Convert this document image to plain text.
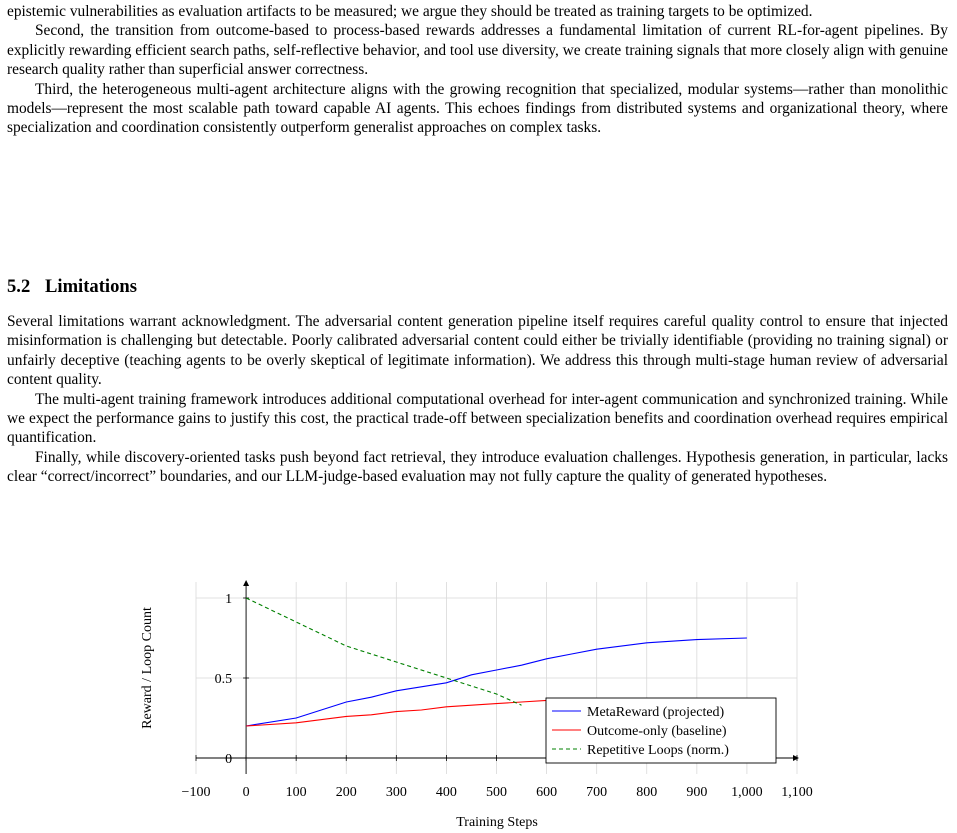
epistemic vulnerabilities as evaluation artifacts to be measured; we argue they should be treated as training targets to be optimized.

Second, the transition from outcome-based to process-based rewards addresses a fundamental limitation of current RL-for-agent pipelines. By explicitly rewarding efficient search paths, self-reflective behavior, and tool use diversity, we create training signals that more closely align with genuine research quality rather than superficial answer correctness.

Third, the heterogeneous multi-agent architecture aligns with the growing recognition that specialized, modular systems—rather than monolithic models—represent the most scalable path toward capable AI agents. This echoes findings from distributed systems and organizational theory, where specialization and coordination consistently outperform generalist approaches on complex tasks.

5.2 Limitations

Several limitations warrant acknowledgment. The adversarial content generation pipeline itself requires careful quality control to ensure that injected misinformation is challenging but detectable. Poorly calibrated adversarial content could either be trivially identifiable (providing no training signal) or unfairly deceptive (teaching agents to be overly skeptical of legitimate information). We address this through multi-stage human review of adversarial content quality.

The multi-agent training framework introduces additional computational overhead for inter-agent communication and synchronized training. While we expect the performance gains to justify this cost, the practical trade-off between specialization benefits and coordination overhead requires empirical quantification.

Finally, while discovery-oriented tasks push beyond fact retrieval, they introduce evaluation challenges. Hypothesis generation, in particular, lacks clear “correct/incorrect” boundaries, and our LLM-judge-based evaluation may not fully capture the quality of generated hypotheses.

−100 0	100 200 300 400 500 600 700 800 900 1,000 1,100
0
0.5
1
MetaReward (projected)
Outcome-only (baseline)
Repetitive Loops (norm.)
Training Steps
Reward / Loop Count
